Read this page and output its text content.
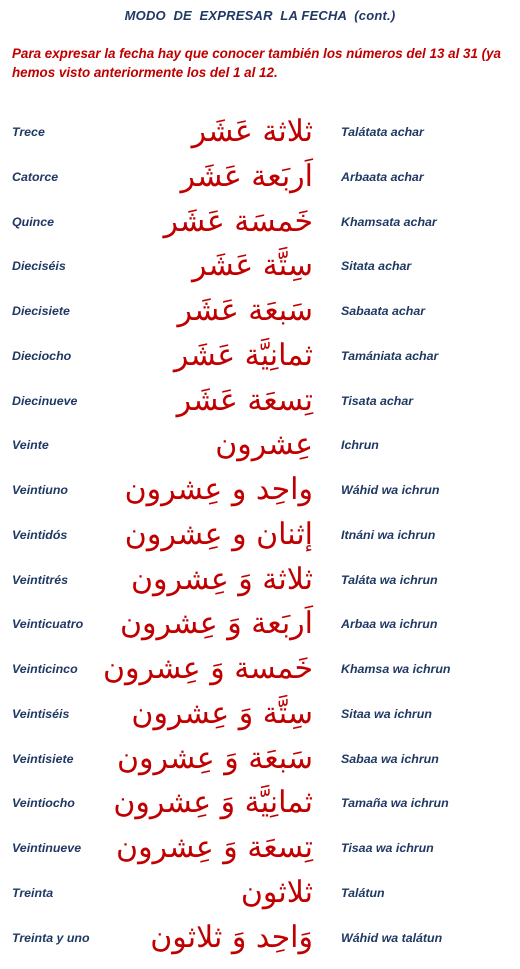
MODO  DE  EXPRESAR  LA FECHA  (cont.)
Para expresar la fecha hay que conocer también los números del 13 al 31 (ya hemos visto anteriormente los del 1 al 12.
Trece	ثلاثة عَشَر Talátata achar
Catorce	اَربَعة عَشَر Arbaata achar
Quince	خَمسَة عَشَر Khamsata achar
Dieciséis	سِتَّة عَشَر Sitata achar
Diecisiete	سَبعَة عَشَر Sabaata achar
Dieciocho	ثمانِيَّة عَشَر Tamániata achar
Diecinueve	تِسعَة عَشَر Tisata achar
Veinte	عِشرون Ichrun
Veintiuno واحِد و عِشرون Wáhid wa ichrun
Veintidós إثنان و عِشرون Itnáni wa ichrun
Veintitrés ثلاثة وَ عِشرون Taláta wa ichrun
Veinticuatro اَربَعة وَ عِشرون Arbaa wa ichrun
Veinticinco خَمسة وَ عِشرون Khamsa wa ichrun
Veintiséis سِتَّة وَ عِشرون Sitaa wa ichrun
Veintisiete سَبعَة وَ عِشرون Sabaa wa ichrun
Veintiocho ثمانِيَّة وَ عِشرون Tamaña wa ichrun
Veintinueve تِسعَة وَ عِشرون Tisaa wa ichrun
Treinta	ثلاثون Talátun
Treinta y uno وَاحِد وَ ثلاثون Wáhid wa talátun
